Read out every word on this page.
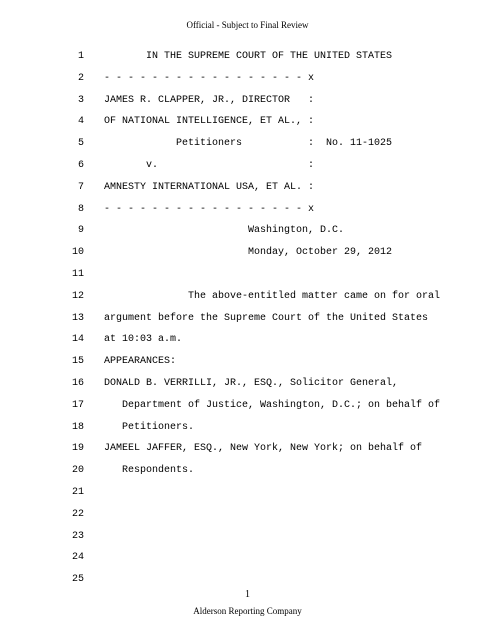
Official - Subject to Final Review
1 IN THE SUPREME COURT OF THE UNITED STATES
2 - - - - - - - - - - - - - - - - - x
3 JAMES R. CLAPPER, JR., DIRECTOR   :
4 OF NATIONAL INTELLIGENCE, ET AL., :
5 Petitioners           :  No. 11-1025
6 v.                         :
7 AMNESTY INTERNATIONAL USA, ET AL. :
8 - - - - - - - - - - - - - - - - - x
9 Washington, D.C.
10 Monday, October 29, 2012
11
12 The above-entitled matter came on for oral
13 argument before the Supreme Court of the United States
14 at 10:03 a.m.
15 APPEARANCES:
16 DONALD B. VERRILLI, JR., ESQ., Solicitor General,
17 Department of Justice, Washington, D.C.; on behalf of
18 Petitioners.
19 JAMEEL JAFFER, ESQ., New York, New York; on behalf of
20 Respondents.
21
22
23
24
25
1
Alderson Reporting Company
